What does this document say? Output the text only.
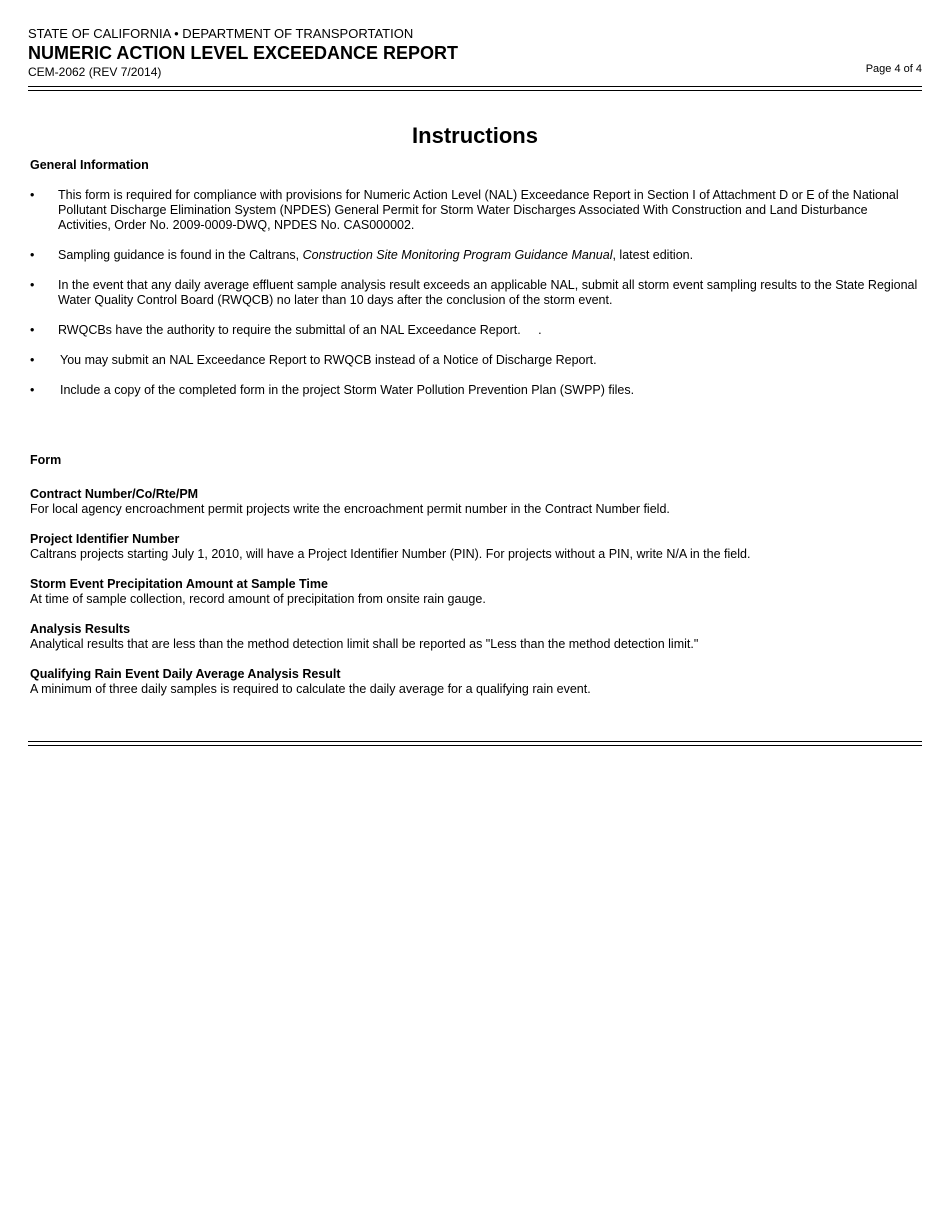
STATE OF CALIFORNIA • DEPARTMENT OF TRANSPORTATION
NUMERIC ACTION LEVEL EXCEEDANCE REPORT
CEM-2062 (REV 7/2014)	Page 4 of 4
Instructions
General Information
• This form is required for compliance with provisions for Numeric Action Level (NAL) Exceedance Report in Section I of Attachment D or E of the National Pollutant Discharge Elimination System (NPDES) General Permit for Storm Water Discharges Associated With Construction and Land Disturbance Activities, Order No. 2009-0009-DWQ, NPDES No. CAS000002.
• Sampling guidance is found in the Caltrans, Construction Site Monitoring Program Guidance Manual, latest edition.
• In the event that any daily average effluent sample analysis result exceeds an applicable NAL, submit all storm event sampling results to the State Regional Water Quality Control Board (RWQCB) no later than 10 days after the conclusion of the storm event.
• RWQCBs have the authority to require the submittal of an NAL Exceedance Report.     .
• You may submit an NAL Exceedance Report to RWQCB instead of a Notice of Discharge Report.
• Include a copy of the completed form in the project Storm Water Pollution Prevention Plan (SWPP) files.
Form
Contract Number/Co/Rte/PM
For local agency encroachment permit projects write the encroachment permit number in the Contract Number field.
Project Identifier Number
Caltrans projects starting July 1, 2010, will have a Project Identifier Number (PIN). For projects without a PIN, write N/A in the field.
Storm Event Precipitation Amount at Sample Time
At time of sample collection, record amount of precipitation from onsite rain gauge.
Analysis Results
Analytical results that are less than the method detection limit shall be reported as "Less than the method detection limit."
Qualifying Rain Event Daily Average Analysis Result
A minimum of three daily samples is required to calculate the daily average for a qualifying rain event.
